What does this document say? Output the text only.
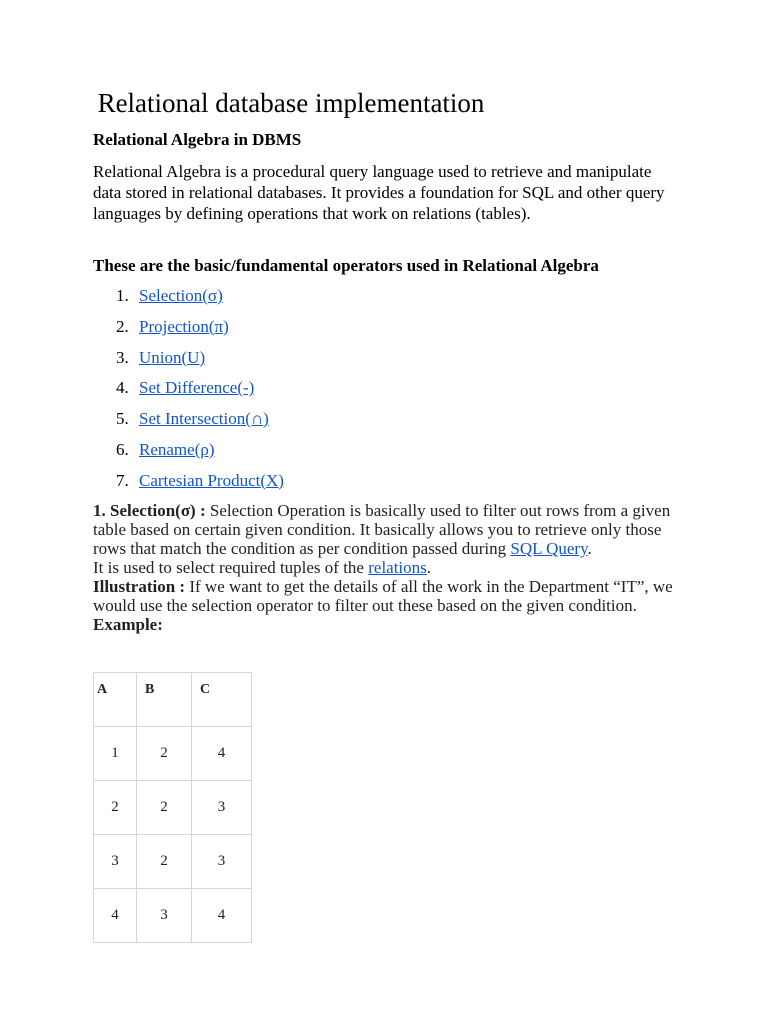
Relational database implementation

Relational Algebra in DBMS

Relational Algebra is a procedural query language used to retrieve and manipulate data stored in relational databases. It provides a foundation for SQL and other query languages by defining operations that work on relations (tables).

These are the basic/fundamental operators used in Relational Algebra

1. Selection(σ)
2. Projection(π)
3. Union(U)
4. Set Difference(-)
5. Set Intersection(∩)
6. Rename(ρ)
7. Cartesian Product(X)
1. Selection(σ) : Selection Operation is basically used to filter out rows from a given table based on certain given condition. It basically allows you to retrieve only those rows that match the condition as per condition passed during SQL Query.
It is used to select required tuples of the relations.
Illustration : If we want to get the details of all the work in the Department “IT”, we would use the selection operator to filter out these based on the given condition.
Example:
A	B	C
1	2	4
2	2	3
3	2	3
4	3	4
